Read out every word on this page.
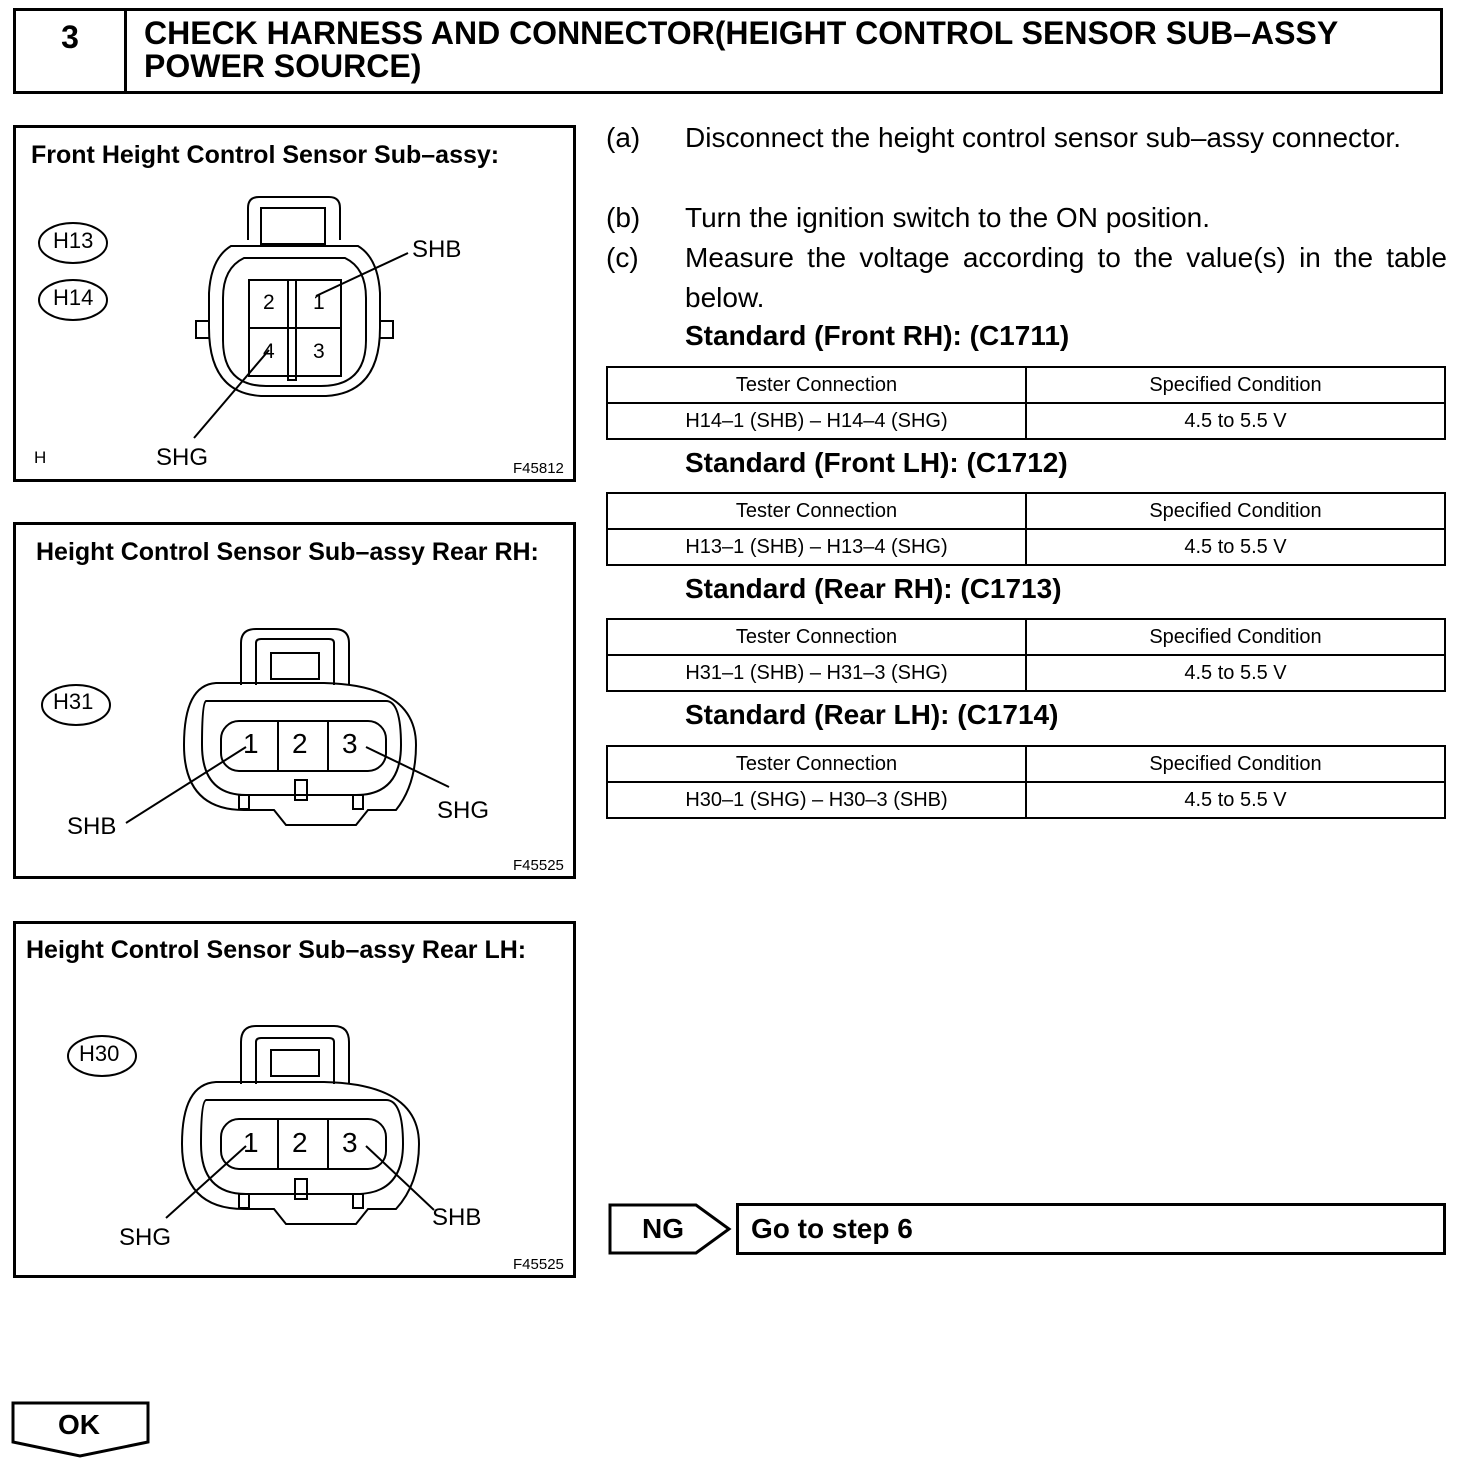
3	CHECK HARNESS AND CONNECTOR(HEIGHT CONTROL SENSOR SUB–ASSY POWER SOURCE)
Front Height Control Sensor Sub–assy:
H13
H14	2 1
4 3
SHB
SHG
H
F45812
Height Control Sensor Sub–assy Rear RH:
H31
1 2 3
SHB
SHG
F45525
Height Control Sensor Sub–assy Rear LH:
H30
1 2 3
SHG
SHB
F45525
(a) Disconnect the height control sensor sub–assy connector.
(b) Turn the ignition switch to the ON position.
(c) Measure the voltage according to the value(s) in the table below.
Standard (Front RH): (C1711)
Tester Connection	Specified Condition
H14–1 (SHB) – H14–4 (SHG)	4.5 to 5.5 V
Standard (Front LH): (C1712)
Tester Connection	Specified Condition
H13–1 (SHB) – H13–4 (SHG)	4.5 to 5.5 V
Standard (Rear RH): (C1713)
Tester Connection	Specified Condition
H31–1 (SHB) – H31–3 (SHG)	4.5 to 5.5 V
Standard (Rear LH): (C1714)
Tester Connection	Specified Condition
H30–1 (SHG) – H30–3 (SHB)	4.5 to 5.5 V
NG	Go to step 6
OK
